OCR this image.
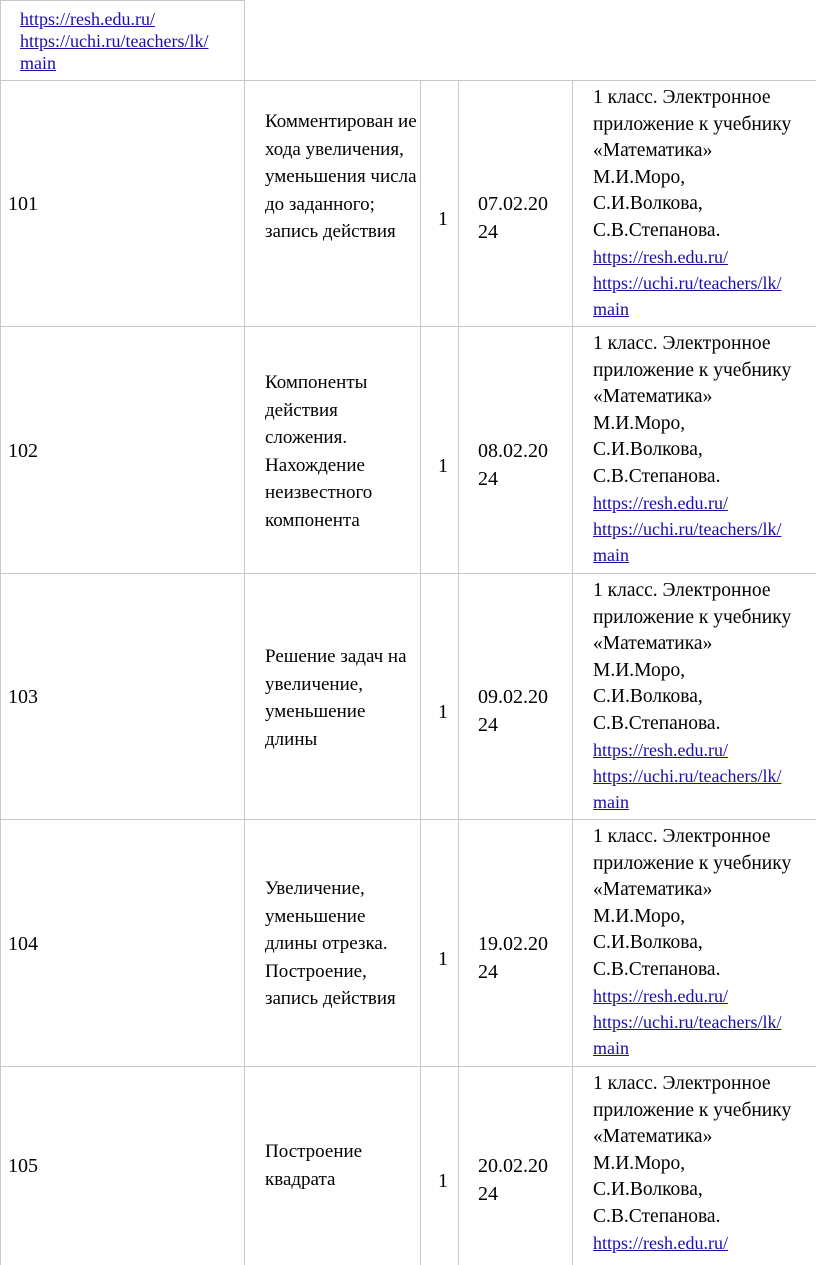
https://resh.edu.ru/
https://uchi.ru/teachers/lk/
main
101
Комментирован ие хода увеличения, уменьшения числа до заданного; запись действия
1
07.02.20
24
1 класс. Электронное
приложение к учебнику
«Математика»
М.И.Моро,
С.И.Волкова,
С.В.Степанова.
https://resh.edu.ru/
https://uchi.ru/teachers/lk/
main
102
Компоненты действия сложения. Нахождение неизвестного компонента
1
08.02.20
24
1 класс. Электронное
приложение к учебнику
«Математика»
М.И.Моро,
С.И.Волкова,
С.В.Степанова.
https://resh.edu.ru/
https://uchi.ru/teachers/lk/
main
103
Решение задач на увеличение, уменьшение длины
1
09.02.20
24
1 класс. Электронное
приложение к учебнику
«Математика»
М.И.Моро,
С.И.Волкова,
С.В.Степанова.
https://resh.edu.ru/
https://uchi.ru/teachers/lk/
main
104
Увеличение, уменьшение длины отрезка. Построение, запись действия
1
19.02.20
24
1 класс. Электронное
приложение к учебнику
«Математика»
М.И.Моро,
С.И.Волкова,
С.В.Степанова.
https://resh.edu.ru/
https://uchi.ru/teachers/lk/
main
105
Построение квадрата	1
20.02.20
24
1 класс. Электронное
приложение к учебнику
«Математика»
М.И.Моро,
С.И.Волкова,
С.В.Степанова.
https://resh.edu.ru/
